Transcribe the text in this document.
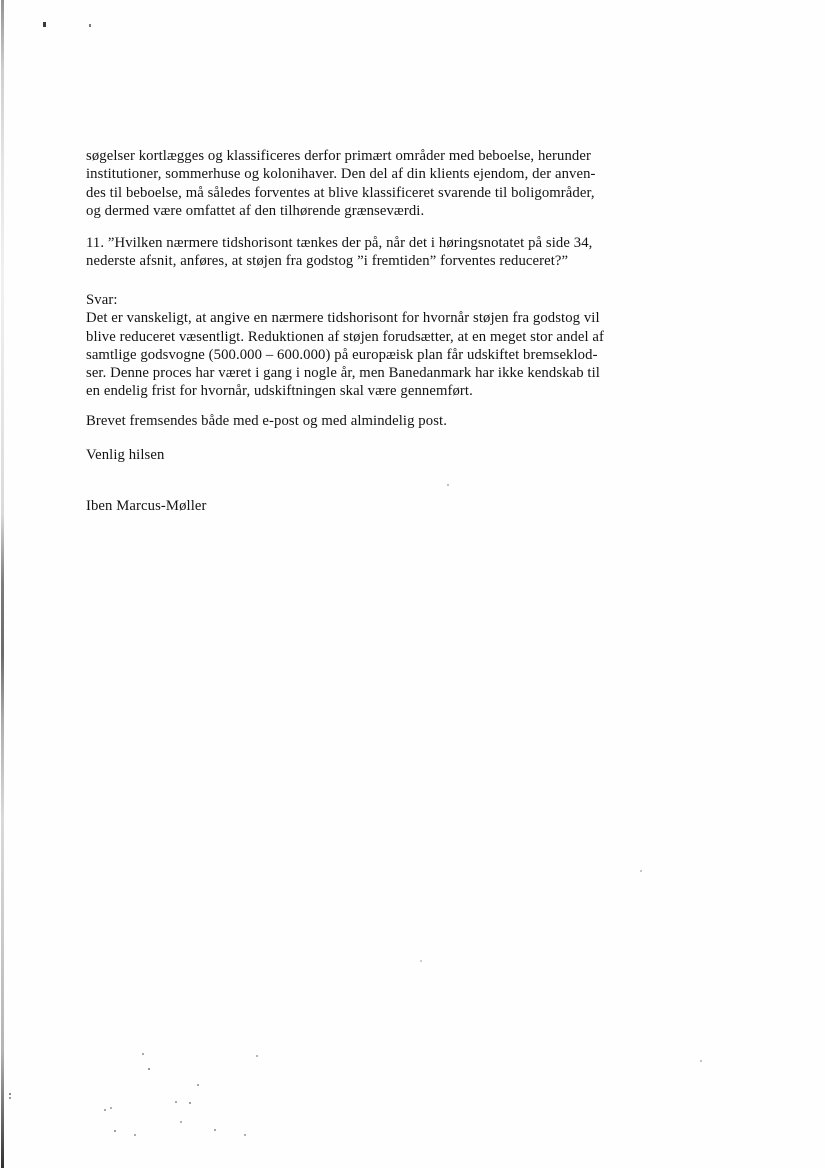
søgelser kortlægges og klassificeres derfor primært områder med beboelse, herunder
institutioner, sommerhuse og kolonihaver. Den del af din klients ejendom, der anven-
des til beboelse, må således forventes at blive klassificeret svarende til boligområder,
og dermed være omfattet af den tilhørende grænseværdi.
11. ”Hvilken nærmere tidshorisont tænkes der på, når det i høringsnotatet på side 34,
nederste afsnit, anføres, at støjen fra godstog ”i fremtiden” forventes reduceret?”
Svar:
Det er vanskeligt, at angive en nærmere tidshorisont for hvornår støjen fra godstog vil
blive reduceret væsentligt. Reduktionen af støjen forudsætter, at en meget stor andel af
samtlige godsvogne (500.000 – 600.000) på europæisk plan får udskiftet bremseklod-
ser. Denne proces har været i gang i nogle år, men Banedanmark har ikke kendskab til
en endelig frist for hvornår, udskiftningen skal være gennemført.
Brevet fremsendes både med e-post og med almindelig post.
Venlig hilsen
Iben Marcus-Møller
